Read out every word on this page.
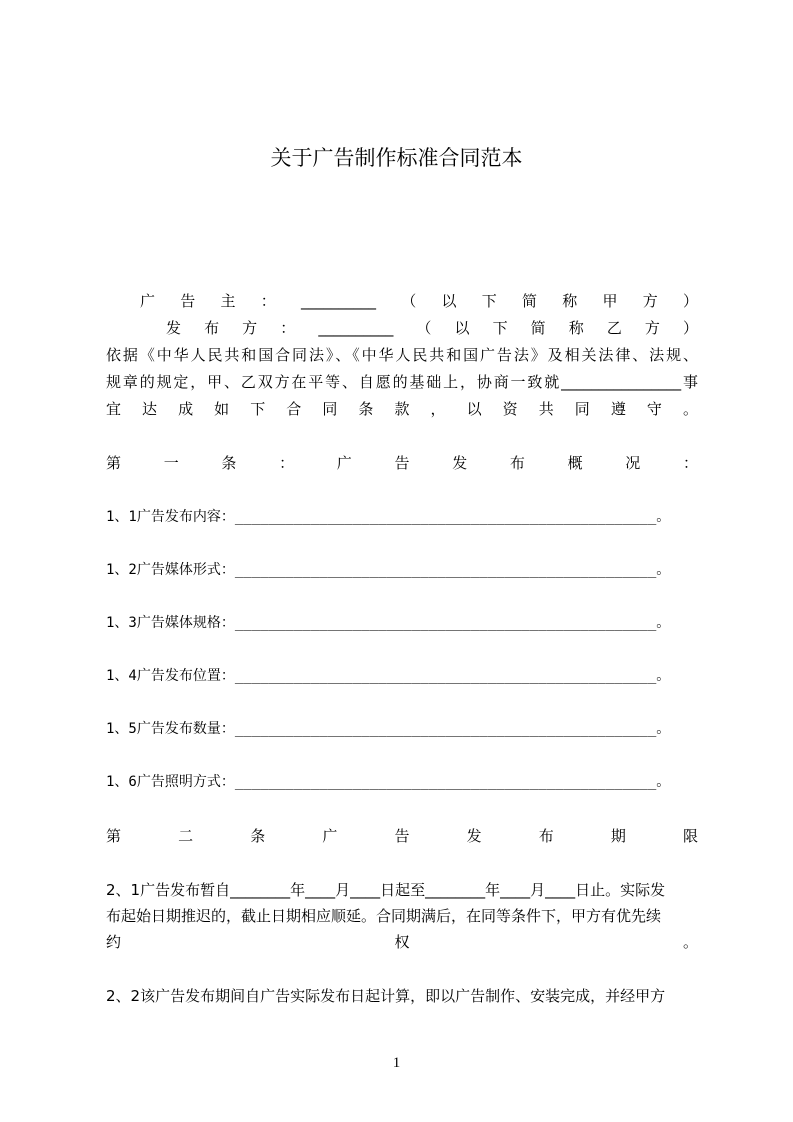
关于广告制作标准合同范本
广告主：__________（以下简称甲方）
发布方：__________（以下简称乙方）
依据《中华人民共和国合同法》、《中华人民共和国广告法》及相关法律、法规、
规章的规定，甲、乙双方在平等、自愿的基础上，协商一致就________________事
宜达成如下合同条款，以资共同遵守。
第一条：广告发布概况：
1、1广告发布内容：__________________________________________________。
1、2广告媒体形式：__________________________________________________。
1、3广告媒体规格：__________________________________________________。
1、4广告发布位置：__________________________________________________。
1、5广告发布数量：__________________________________________________。
1、6广告照明方式：__________________________________________________。
第二条广告发布期限
2、1广告发布暂自________年____月____日起至________年____月____日止。实际发
布起始日期推迟的，截止日期相应顺延。合同期满后，在同等条件下，甲方有优先续
约权。
2、2该广告发布期间自广告实际发布日起计算，即以广告制作、安装完成，并经甲方
1
